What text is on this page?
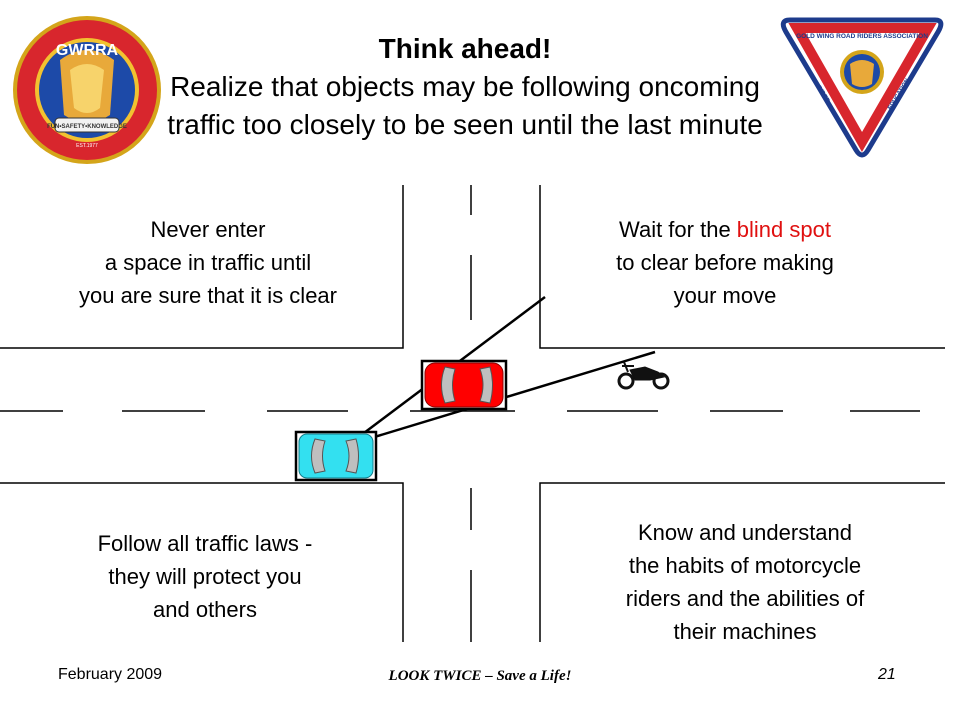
GWRRA
FUN•SAFETY•KNOWLEDGE
EST.1977
GOLD WING ROAD RIDERS ASSOCIATION
RIDER	EDUCATION
Think ahead!
Realize that objects may be following oncoming traffic too closely to be seen until the last minute
Never enter
a space in traffic until
you are sure that it is clear
Wait for the blind spot
to clear before making
your move
Follow all traffic laws -
they will protect you
and others
Know and understand
the habits of motorcycle
riders and the abilities of
their machines
February 2009	LOOK TWICE – Save a Life!	21
